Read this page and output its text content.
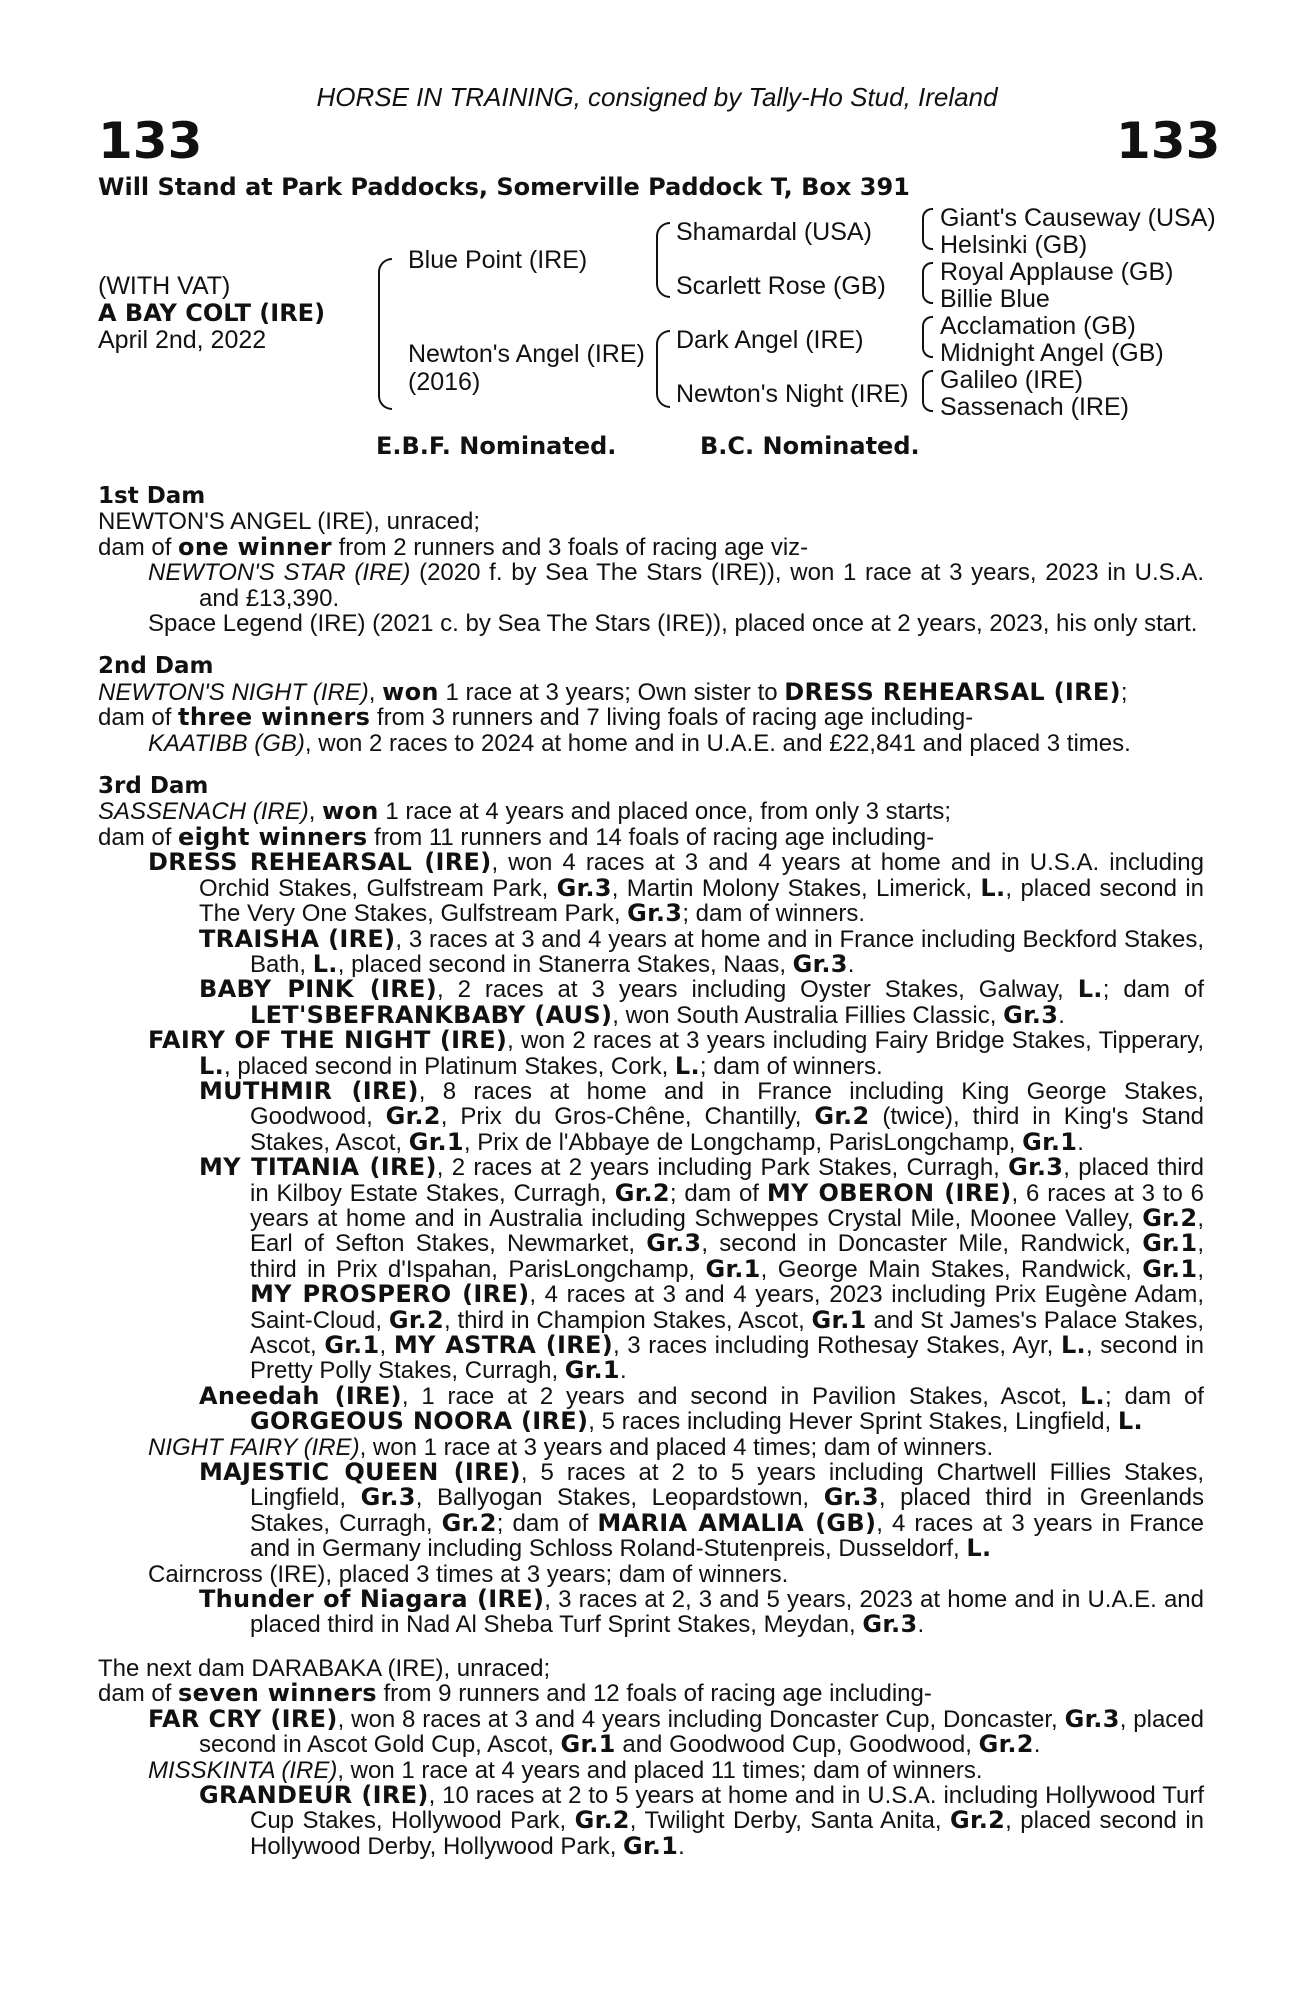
HORSE IN TRAINING, consigned by Tally-Ho Stud, Ireland
133	133
Will Stand at Park Paddocks, Somerville Paddock T, Box 391
(WITH VAT)
A BAY COLT (IRE)
April 2nd, 2022
Blue Point (IRE)
Newton's Angel (IRE)
(2016)
Shamardal (USA)
Scarlett Rose (GB)
Dark Angel (IRE)
Newton's Night (IRE)
Giant's Causeway (USA)
Helsinki (GB)
Royal Applause (GB)
Billie Blue
Acclamation (GB)
Midnight Angel (GB)
Galileo (IRE)
Sassenach (IRE)
E.B.F. Nominated.	B.C. Nominated.
1st Dam
NEWTON'S ANGEL (IRE), unraced;
dam of one winner from 2 runners and 3 foals of racing age viz-
NEWTON'S STAR (IRE) (2020 f. by Sea The Stars (IRE)), won 1 race at 3 years, 2023 in U.S.A. and £13,390.
Space Legend (IRE) (2021 c. by Sea The Stars (IRE)), placed once at 2 years, 2023, his only start.
2nd Dam
NEWTON'S NIGHT (IRE), won 1 race at 3 years; Own sister to DRESS REHEARSAL (IRE);
dam of three winners from 3 runners and 7 living foals of racing age including-
KAATIBB (GB), won 2 races to 2024 at home and in U.A.E. and £22,841 and placed 3 times.
3rd Dam
SASSENACH (IRE), won 1 race at 4 years and placed once, from only 3 starts;
dam of eight winners from 11 runners and 14 foals of racing age including-
DRESS REHEARSAL (IRE), won 4 races at 3 and 4 years at home and in U.S.A. including Orchid Stakes, Gulfstream Park, Gr.3, Martin Molony Stakes, Limerick, L., placed second in The Very One Stakes, Gulfstream Park, Gr.3; dam of winners.
TRAISHA (IRE), 3 races at 3 and 4 years at home and in France including Beckford Stakes, Bath, L., placed second in Stanerra Stakes, Naas, Gr.3.
BABY PINK (IRE), 2 races at 3 years including Oyster Stakes, Galway, L.; dam of LET'SBEFRANKBABY (AUS), won South Australia Fillies Classic, Gr.3.
FAIRY OF THE NIGHT (IRE), won 2 races at 3 years including Fairy Bridge Stakes, Tipperary, L., placed second in Platinum Stakes, Cork, L.; dam of winners.
MUTHMIR (IRE), 8 races at home and in France including King George Stakes, Goodwood, Gr.2, Prix du Gros-Chêne, Chantilly, Gr.2 (twice), third in King's Stand Stakes, Ascot, Gr.1, Prix de l'Abbaye de Longchamp, ParisLongchamp, Gr.1.
MY TITANIA (IRE), 2 races at 2 years including Park Stakes, Curragh, Gr.3, placed third in Kilboy Estate Stakes, Curragh, Gr.2; dam of MY OBERON (IRE), 6 races at 3 to 6 years at home and in Australia including Schweppes Crystal Mile, Moonee Valley, Gr.2, Earl of Sefton Stakes, Newmarket, Gr.3, second in Doncaster Mile, Randwick, Gr.1, third in Prix d'Ispahan, ParisLongchamp, Gr.1, George Main Stakes, Randwick, Gr.1, MY PROSPERO (IRE), 4 races at 3 and 4 years, 2023 including Prix Eugène Adam, Saint-Cloud, Gr.2, third in Champion Stakes, Ascot, Gr.1 and St James's Palace Stakes, Ascot, Gr.1, MY ASTRA (IRE), 3 races including Rothesay Stakes, Ayr, L., second in Pretty Polly Stakes, Curragh, Gr.1.
Aneedah (IRE), 1 race at 2 years and second in Pavilion Stakes, Ascot, L.; dam of GORGEOUS NOORA (IRE), 5 races including Hever Sprint Stakes, Lingfield, L.
NIGHT FAIRY (IRE), won 1 race at 3 years and placed 4 times; dam of winners.
MAJESTIC QUEEN (IRE), 5 races at 2 to 5 years including Chartwell Fillies Stakes, Lingfield, Gr.3, Ballyogan Stakes, Leopardstown, Gr.3, placed third in Greenlands Stakes, Curragh, Gr.2; dam of MARIA AMALIA (GB), 4 races at 3 years in France and in Germany including Schloss Roland-Stutenpreis, Dusseldorf, L.
Cairncross (IRE), placed 3 times at 3 years; dam of winners.
Thunder of Niagara (IRE), 3 races at 2, 3 and 5 years, 2023 at home and in U.A.E. and placed third in Nad Al Sheba Turf Sprint Stakes, Meydan, Gr.3.
The next dam DARABAKA (IRE), unraced;
dam of seven winners from 9 runners and 12 foals of racing age including-
FAR CRY (IRE), won 8 races at 3 and 4 years including Doncaster Cup, Doncaster, Gr.3, placed second in Ascot Gold Cup, Ascot, Gr.1 and Goodwood Cup, Goodwood, Gr.2.
MISSKINTA (IRE), won 1 race at 4 years and placed 11 times; dam of winners.
GRANDEUR (IRE), 10 races at 2 to 5 years at home and in U.S.A. including Hollywood Turf Cup Stakes, Hollywood Park, Gr.2, Twilight Derby, Santa Anita, Gr.2, placed second in Hollywood Derby, Hollywood Park, Gr.1.
